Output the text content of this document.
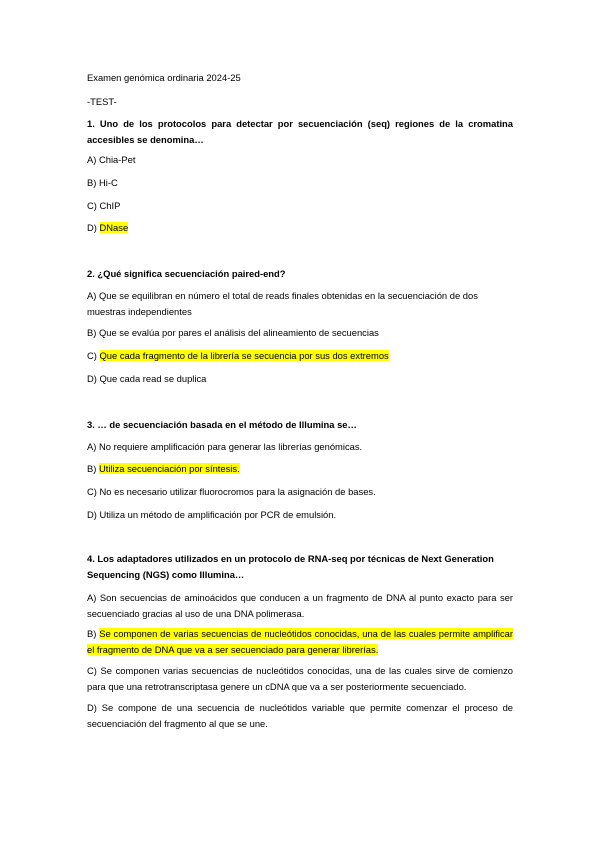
Examen genómica ordinaria 2024-25
-TEST-
1. Uno de los protocolos para detectar por secuenciación (seq) regiones de la cromatina accesibles se denomina…
A) Chia-Pet
B) Hi-C
C) ChIP
D) DNase
2. ¿Qué significa secuenciación paired-end?
A) Que se equilibran en número el total de reads finales obtenidas en la secuenciación de dos muestras independientes
B) Que se evalúa por pares el análisis del alineamiento de secuencias
C) Que cada fragmento de la librería se secuencia por sus dos extremos
D) Que cada read se duplica
3. … de secuenciación basada en el método de Illumina se…
A) No requiere amplificación para generar las librerías genómicas.
B) Utiliza secuenciación por síntesis.
C) No es necesario utilizar fluorocromos para la asignación de bases.
D) Utiliza un método de amplificación por PCR de emulsión.
4. Los adaptadores utilizados en un protocolo de RNA-seq por técnicas de Next Generation Sequencing (NGS) como Illumina…
A) Son secuencias de aminoácidos que conducen a un fragmento de DNA al punto exacto para ser secuenciado gracias al uso de una DNA polimerasa.
B) Se componen de varias secuencias de nucleótidos conocidas, una de las cuales permite amplificar el fragmento de DNA que va a ser secuenciado para generar librerías.
C) Se componen varias secuencias de nucleótidos conocidas, una de las cuales sirve de comienzo para que una retrotranscriptasa genere un cDNA que va a ser posteriormente secuenciado.
D) Se compone de una secuencia de nucleótidos variable que permite comenzar el proceso de secuenciación del fragmento al que se une.
